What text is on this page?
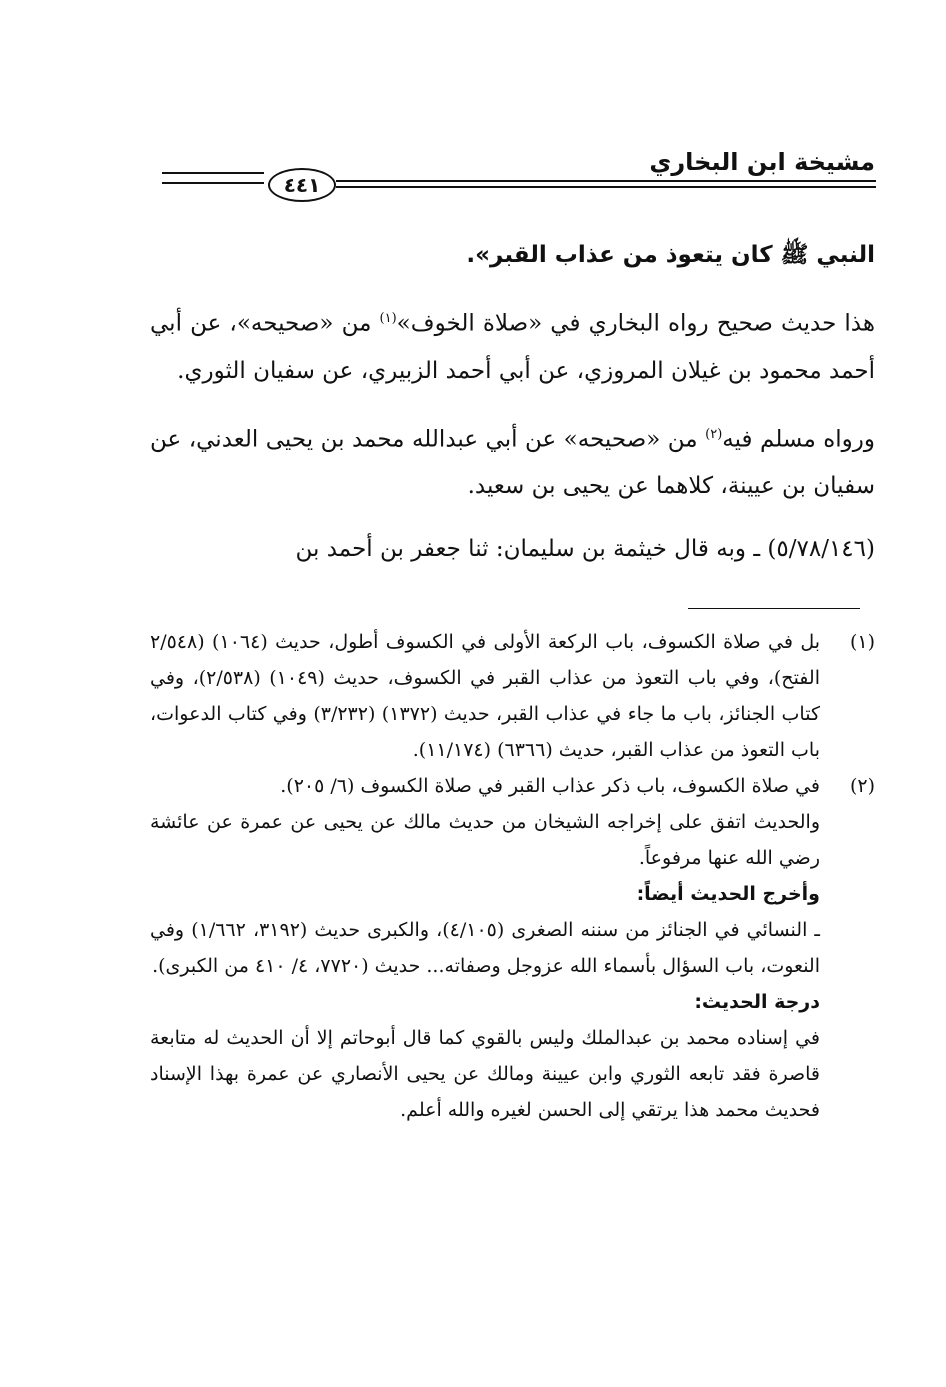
مشيخة ابن البخاري
٤٤١

النبي ﷺ كان يتعوذ من عذاب القبر».

هذا حديث صحيح رواه البخاري في «صلاة الخوف»$^{(١)}$ من «صحيحه»، عن أبي أحمد محمود بن غيلان المروزي، عن أبي أحمد الزبيري، عن سفيان الثوري.

ورواه مسلم فيه$^{(٢)}$ من «صحيحه» عن أبي عبدالله محمد بن يحيى العدني، عن سفيان بن عيينة، كلاهما عن يحيى بن سعيد.

(٥/٧٨/١٤٦) ـ وبه قال خيثمة بن سليمان: ثنا جعفر بن أحمد بن

(١)
بل في صلاة الكسوف، باب الركعة الأولى في الكسوف أطول، حديث (١٠٦٤) (٢/٥٤٨ الفتح)، وفي باب التعوذ من عذاب القبر في الكسوف، حديث (١٠٤٩) (٢/٥٣٨)، وفي كتاب الجنائز، باب ما جاء في عذاب القبر، حديث (١٣٧٢) (٣/٢٣٢) وفي كتاب الدعوات، باب التعوذ من عذاب القبر، حديث (٦٣٦٦) (١١/١٧٤).
(٢)
في صلاة الكسوف، باب ذكر عذاب القبر في صلاة الكسوف (٦/ ٢٠٥).
والحديث اتفق على إخراجه الشيخان من حديث مالك عن يحيى عن عمرة عن عائشة رضي الله عنها مرفوعاً.
وأخرج الحديث أيضاً:
ـ النسائي في الجنائز من سننه الصغرى (٤/١٠٥)، والكبرى حديث (٣١٩٢، ١/٦٦٢) وفي النعوت، باب السؤال بأسماء الله عزوجل وصفاته... حديث (٧٧٢٠، ٤/ ٤١٠ من الكبرى).
درجة الحديث:
في إسناده محمد بن عبدالملك وليس بالقوي كما قال أبوحاتم إلا أن الحديث له متابعة قاصرة فقد تابعه الثوري وابن عيينة ومالك عن يحيى الأنصاري عن عمرة بهذا الإسناد فحديث محمد هذا يرتقي إلى الحسن لغيره والله أعلم.
